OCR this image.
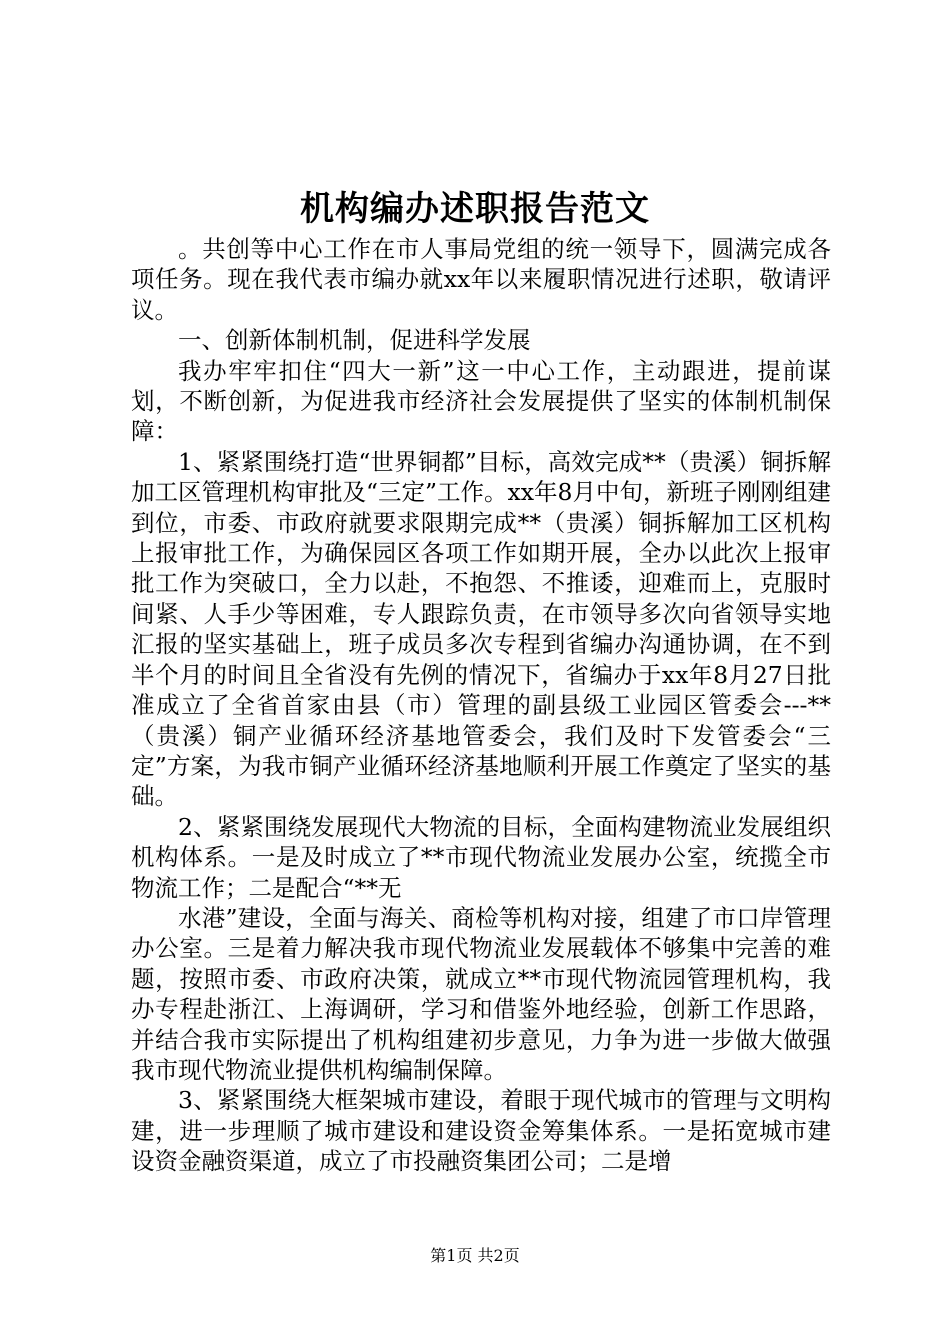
机构编办述职报告范文

。共创等中心工作在市人事局党组的统一领导下，圆满完成各项任务。现在我代表市编办就xx年以来履职情况进行述职，敬请评议。

一、创新体制机制，促进科学发展

我办牢牢扣住“四大一新”这一中心工作，主动跟进，提前谋划，不断创新，为促进我市经济社会发展提供了坚实的体制机制保障：

1、紧紧围绕打造“世界铜都”目标，高效完成**（贵溪）铜拆解加工区管理机构审批及“三定”工作。xx年8月中旬，新班子刚刚组建到位，市委、市政府就要求限期完成**（贵溪）铜拆解加工区机构上报审批工作，为确保园区各项工作如期开展，全办以此次上报审批工作为突破口，全力以赴，不抱怨、不推诿，迎难而上，克服时间紧、人手少等困难，专人跟踪负责，在市领导多次向省领导实地汇报的坚实基础上，班子成员多次专程到省编办沟通协调，在不到半个月的时间且全省没有先例的情况下，省编办于xx年8月27日批准成立了全省首家由县（市）管理的副县级工业园区管委会---**（贵溪）铜产业循环经济基地管委会，我们及时下发管委会“三定”方案，为我市铜产业循环经济基地顺利开展工作奠定了坚实的基础。

2、紧紧围绕发展现代大物流的目标，全面构建物流业发展组织机构体系。一是及时成立了**市现代物流业发展办公室，统揽全市物流工作；二是配合“**无

水港”建设，全面与海关、商检等机构对接，组建了市口岸管理办公室。三是着力解决我市现代物流业发展载体不够集中完善的难题，按照市委、市政府决策，就成立**市现代物流园管理机构，我办专程赴浙江、上海调研，学习和借鉴外地经验，创新工作思路，并结合我市实际提出了机构组建初步意见，力争为进一步做大做强我市现代物流业提供机构编制保障。

3、紧紧围绕大框架城市建设，着眼于现代城市的管理与文明构建，进一步理顺了城市建设和建设资金筹集体系。一是拓宽城市建设资金融资渠道，成立了市投融资集团公司；二是增

第1页 共2页
